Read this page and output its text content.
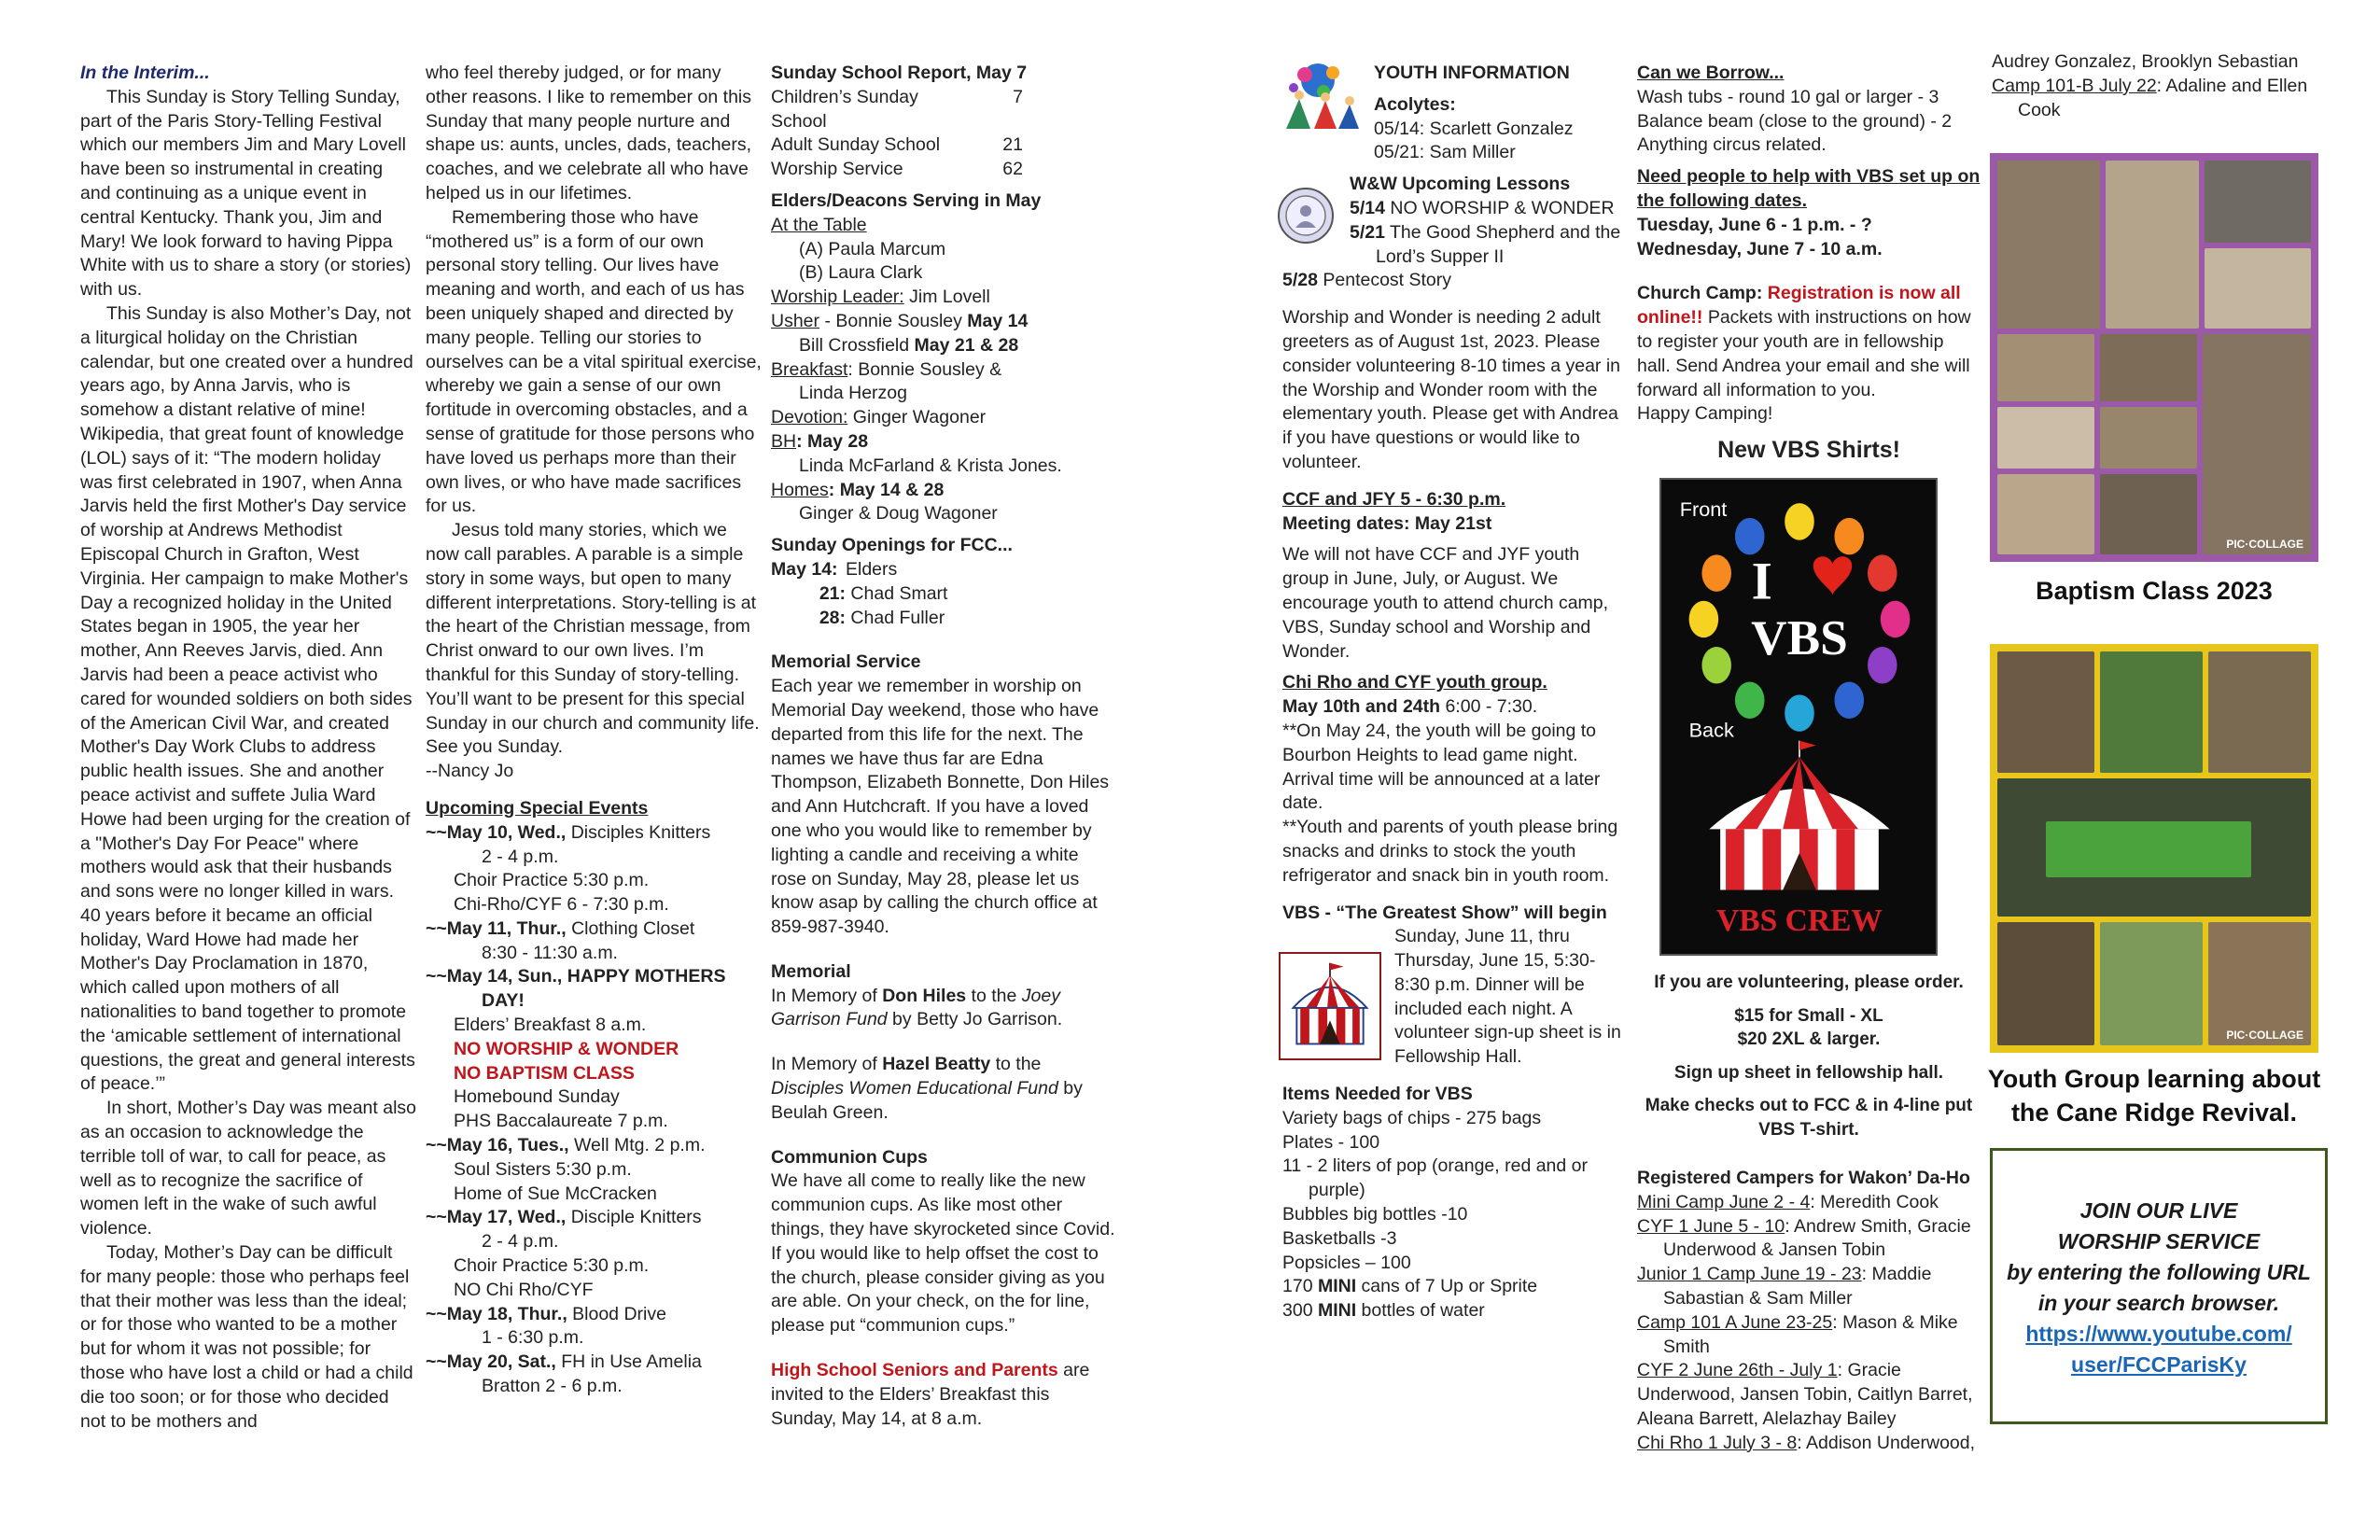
In the Interim...

This Sunday is Story Telling Sunday, part of the Paris Story-Telling Festival which our members Jim and Mary Lovell have been so instrumental in creating and continuing as a unique event in central Kentucky. Thank you, Jim and Mary! We look forward to having Pippa White with us to share a story (or stories) with us.

This Sunday is also Mother’s Day, not a liturgical holiday on the Christian calendar, but one created over a hundred years ago, by Anna Jarvis, who is somehow a distant relative of mine! Wikipedia, that great fount of knowledge (LOL) says of it: “The modern holiday was first celebrated in 1907, when Anna Jarvis held the first Mother's Day service of worship at Andrews Methodist Episcopal Church in Grafton, West Virginia. Her campaign to make Mother's Day a recognized holiday in the United States began in 1905, the year her mother, Ann Reeves Jarvis, died. Ann Jarvis had been a peace activist who cared for wounded soldiers on both sides of the American Civil War, and created Mother's Day Work Clubs to address public health issues. She and another peace activist and suffete Julia Ward Howe had been urging for the creation of a "Mother's Day For Peace" where mothers would ask that their husbands and sons were no longer killed in wars. 40 years before it became an official holiday, Ward Howe had made her Mother's Day Proclamation in 1870, which called upon mothers of all nationalities to band together to promote the ‘amicable settlement of international questions, the great and general interests of peace.’”

In short, Mother’s Day was meant also as an occasion to acknowledge the terrible toll of war, to call for peace, as well as to recognize the sacrifice of women left in the wake of such awful violence.

Today, Mother’s Day can be difficult for many people: those who perhaps feel that their mother was less than the ideal; or for those who wanted to be a mother but for whom it was not possible; for those who have lost a child or had a child die too soon; or for those who decided not to be mothers and

who feel thereby judged, or for many other reasons. I like to remember on this Sunday that many people nurture and shape us: aunts, uncles, dads, teachers, coaches, and we celebrate all who have helped us in our lifetimes.

Remembering those who have “mothered us” is a form of our own personal story telling. Our lives have meaning and worth, and each of us has been uniquely shaped and directed by many people. Telling our stories to ourselves can be a vital spiritual exercise, whereby we gain a sense of our own fortitude in overcoming obstacles, and a sense of gratitude for those persons who have loved us perhaps more than their own lives, or who have made sacrifices for us.

Jesus told many stories, which we now call parables. A parable is a simple story in some ways, but open to many different interpretations. Story-telling is at the heart of the Christian message, from Christ onward to our own lives. I’m thankful for this Sunday of story-telling. You’ll want to be present for this special Sunday in our church and community life. See you Sunday.

--Nancy Jo

Upcoming Special Events

~~May 10, Wed., Disciples Knitters

2 - 4 p.m.

Choir Practice 5:30 p.m.

Chi-Rho/CYF 6 - 7:30 p.m.

~~May 11, Thur., Clothing Closet

8:30 - 11:30 a.m.

~~May 14, Sun., HAPPY MOTHERS

DAY!

Elders’ Breakfast 8 a.m.

NO WORSHIP & WONDER

NO BAPTISM CLASS

Homebound Sunday

PHS Baccalaureate 7 p.m.

~~May 16, Tues., Well Mtg. 2 p.m.

Soul Sisters 5:30 p.m.

Home of Sue McCracken

~~May 17, Wed., Disciple Knitters

2 - 4 p.m.

Choir Practice 5:30 p.m.

NO Chi Rho/CYF

~~May 18, Thur., Blood Drive

1 - 6:30 p.m.

~~May 20, Sat., FH in Use Amelia

Bratton 2 - 6 p.m.

Sunday School Report, May 7

Children’s Sunday School
7
Adult Sunday School	21
Worship Service	62

Elders/Deacons Serving in May

At the Table

(A) Paula Marcum

(B) Laura Clark

Worship Leader: Jim Lovell

Usher - Bonnie Sousley May 14

Bill Crossfield May 21 & 28

Breakfast: Bonnie Sousley &

Linda Herzog

Devotion: Ginger Wagoner

BH: May 28

Linda McFarland & Krista Jones.

Homes: May 14 & 28

Ginger & Doug Wagoner

Sunday Openings for FCC...

May 14: Elders

21: Chad Smart

28: Chad Fuller

Memorial Service

Each year we remember in worship on Memorial Day weekend, those who have departed from this life for the next. The names we have thus far are Edna Thompson, Elizabeth Bonnette, Don Hiles and Ann Hutchcraft. If you have a loved one who you would like to remember by lighting a candle and receiving a white rose on Sunday, May 28, please let us know asap by calling the church office at 859-987-3940.

Memorial

In Memory of Don Hiles to the Joey Garrison Fund by Betty Jo Garrison.

In Memory of Hazel Beatty to the Disciples Women Educational Fund by Beulah Green.

Communion Cups

We have all come to really like the new communion cups. As like most other things, they have skyrocketed since Covid. If you would like to help offset the cost to the church, please consider giving as you are able. On your check, on the for line, please put “communion cups.”

High School Seniors and Parents are invited to the Elders’ Breakfast this Sunday, May 14, at 8 a.m.

YOUTH INFORMATION

Acolytes:

05/14: Scarlett Gonzalez

05/21: Sam Miller

W&W Upcoming Lessons

5/14 NO WORSHIP & WONDER

5/21 The Good Shepherd and the

Lord’s Supper II

5/28 Pentecost Story

Worship and Wonder is needing 2 adult greeters as of August 1st, 2023. Please consider volunteering 8-10 times a year in the Worship and Wonder room with the elementary youth. Please get with Andrea if you have questions or would like to volunteer.

CCF and JFY 5 - 6:30 p.m.

Meeting dates: May 21st

We will not have CCF and JYF youth group in June, July, or August. We encourage youth to attend church camp, VBS, Sunday school and Worship and Wonder.

Chi Rho and CYF youth group.

May 10th and 24th 6:00 - 7:30.

**On May 24, the youth will be going to Bourbon Heights to lead game night. Arrival time will be announced at a later date.

**Youth and parents of youth please bring snacks and drinks to stock the youth refrigerator and snack bin in youth room.

VBS - “The Greatest Show” will begin

Sunday, June 11, thru Thursday, June 15, 5:30-8:30 p.m. Dinner will be included each night. A volunteer sign-up sheet is in Fellowship Hall.

Items Needed for VBS

Variety bags of chips - 275 bags

Plates - 100

11 - 2 liters of pop (orange, red and or purple)

Bubbles big bottles -10

Basketballs -3

Popsicles – 100

170 MINI cans of 7 Up or Sprite

300 MINI bottles of water

Can we Borrow...

Wash tubs - round 10 gal or larger - 3

Balance beam (close to the ground) - 2

Anything circus related.

Need people to help with VBS set up on the following dates.

Tuesday, June 6 - 1 p.m. - ?

Wednesday, June 7 - 10 a.m.

Church Camp: Registration is now all online!! Packets with instructions on how to register your youth are in fellowship hall. Send Andrea your email and she will forward all information to you.

Happy Camping!

New VBS Shirts!
Front
I
VBS
Back
VBS CREW

If you are volunteering, please order.

$15 for Small - XL

$20 2XL & larger.

Sign up sheet in fellowship hall.

Make checks out to FCC & in 4-line put VBS T-shirt.

Registered Campers for Wakon’ Da-Ho

Mini Camp June 2 - 4: Meredith Cook

CYF 1 June 5 - 10: Andrew Smith, Gracie Underwood & Jansen Tobin

Junior 1 Camp June 19 - 23: Maddie Sabastian & Sam Miller

Camp 101 A June 23-25: Mason & Mike Smith

CYF 2 June 26th - July 1: Gracie Underwood, Jansen Tobin, Caitlyn Barret, Aleana Barrett, Alelazhay Bailey

Chi Rho 1 July 3 - 8: Addison Underwood,

Audrey Gonzalez, Brooklyn Sebastian

Camp 101-B July 22: Adaline and Ellen Cook

PIC·COLLAGE
Baptism Class 2023
PIC·COLLAGE
Youth Group learning about the Cane Ridge Revival.
JOIN OUR LIVE
WORSHIP SERVICE
by entering the following URL
in your search browser.
https://www.youtube.com/
user/FCCParisKy
